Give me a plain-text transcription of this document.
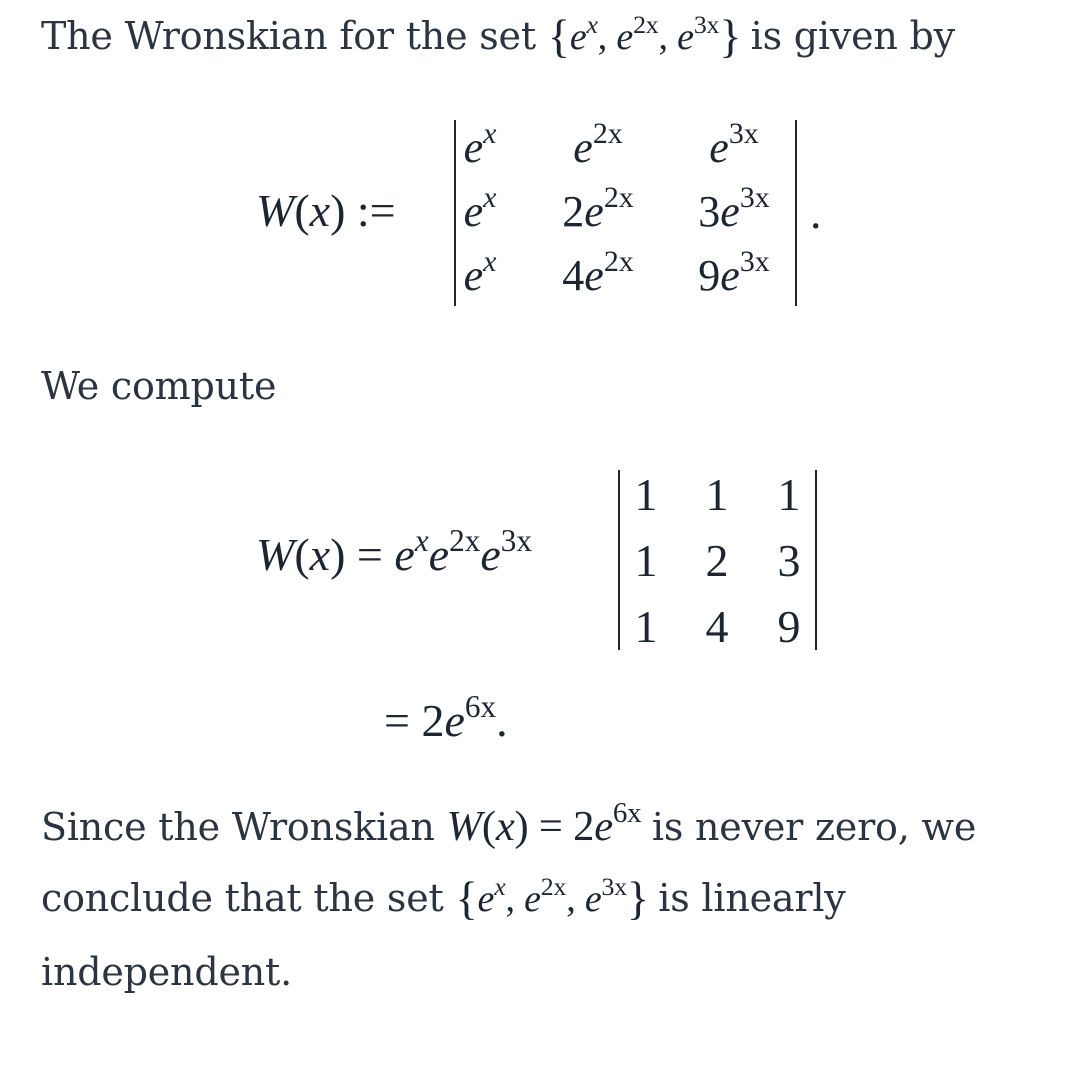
The Wronskian for the set {$e^x$, $e^{2x}$, $e^{3x}$} is given by
W(x) :=
$e^x$	$e^{2x}$	$e^{3x}$
$e^x$	$2e^{2x}$	$3e^{3x}$
$e^x$	$4e^{2x}$	$9e^{3x}$
.
We compute
$W(x) = e^xe^{2x}e^{3x}$
1 1 1
1 2 3
1 4 9
= $2e^{6x}$.
Since the Wronskian $W(x) = 2e^{6x}$ is never zero, we
conclude that the set {$e^x$, $e^{2x}$, $e^{3x}$} is linearly
independent.
